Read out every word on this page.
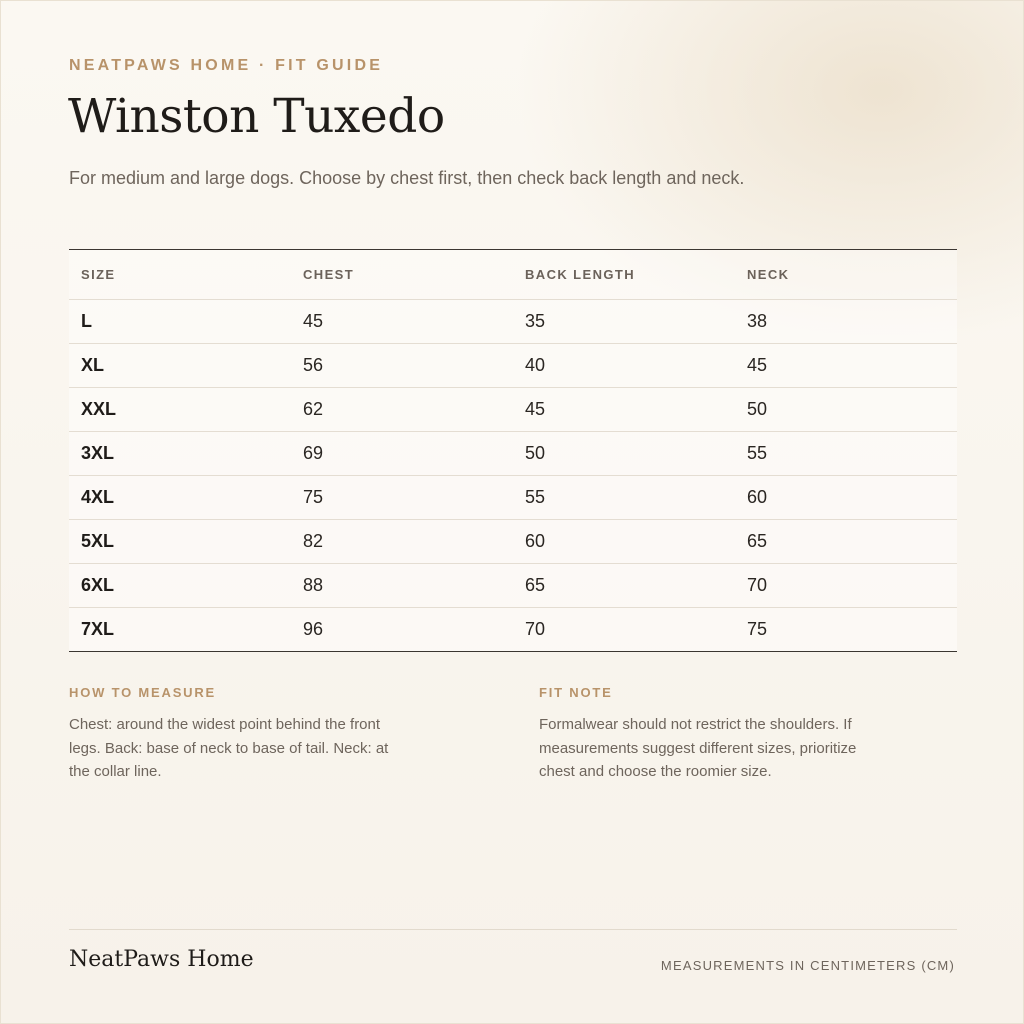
NEATPAWS HOME · FIT GUIDE
Winston Tuxedo
For medium and large dogs. Choose by chest first, then check back length and neck.
SIZE	CHEST	BACK LENGTH	NECK
L	45	35	38
XL	56	40	45
XXL	62	45	50
3XL	69	50	55
4XL	75	55	60
5XL	82	60	65
6XL	88	65	70
7XL	96	70	75
HOW TO MEASURE
Chest: around the widest point behind the front legs. Back: base of neck to base of tail. Neck: at the collar line.
FIT NOTE
Formalwear should not restrict the shoulders. If measurements suggest different sizes, prioritize chest and choose the roomier size.
NeatPaws Home	MEASUREMENTS IN CENTIMETERS (CM)
